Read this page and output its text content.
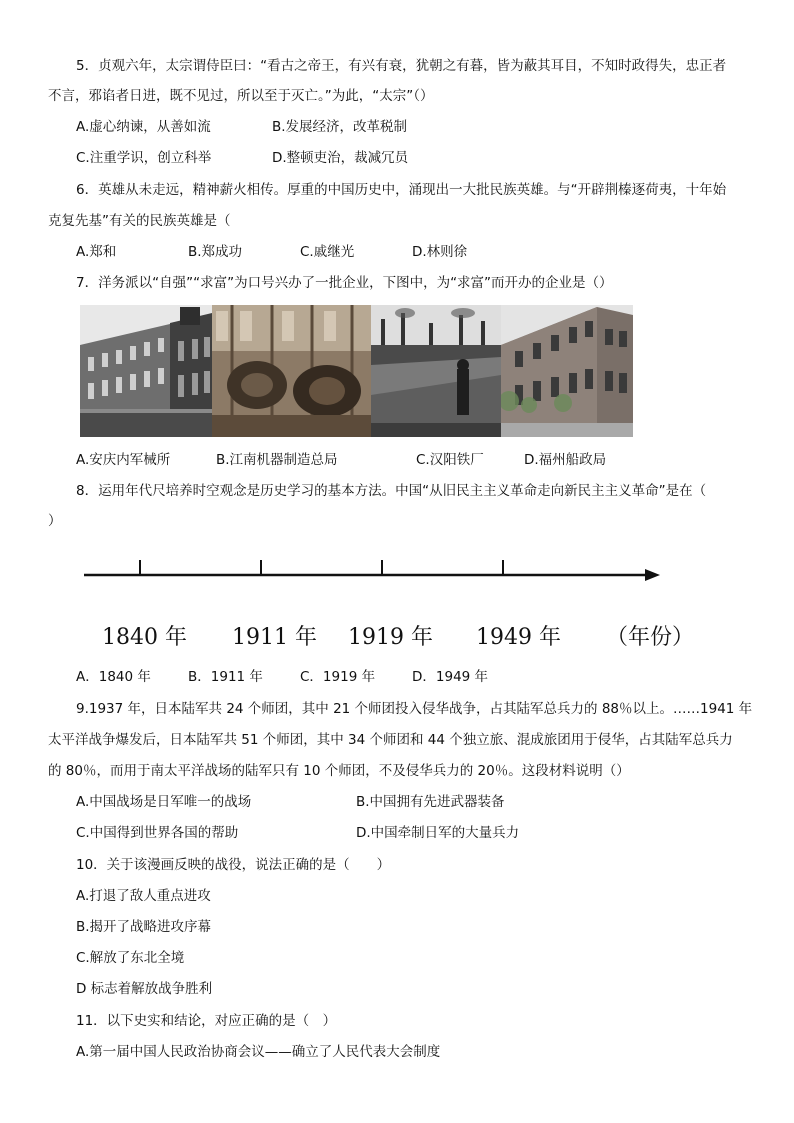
5．贞观六年，太宗谓侍臣曰：“看古之帝王，有兴有衰，犹朝之有暮，皆为蔽其耳目，不知时政得失，忠正者
不言，邪谄者日进，既不见过，所以至于灭亡。”为此，“太宗”（）
A.虚心纳谏，从善如流	B.发展经济，改革税制
C.注重学识，创立科举	D.整顿吏治，裁减冗员
6．英雄从未走远，精神薪火相传。厚重的中国历史中，涌现出一大批民族英雄。与“开辟荆榛逐荷夷，十年始
克复先基”有关的民族英雄是（
A.郑和	B.郑成功	C.戚继光	D.林则徐
7．洋务派以“自强”“求富”为口号兴办了一批企业，下图中，为“求富”而开办的企业是（）
A.安庆内军械所	B.江南机器制造总局	C.汉阳铁厂	D.福州船政局
8．运用年代尺培养时空观念是历史学习的基本方法。中国“从旧民主主义革命走向新民主主义革命”是在（
）
1840 年 1911 年 1919 年 1949 年 （年份）
A．1840 年	B．1911 年	C．1919 年	D．1949 年
9.1937 年，日本陆军共 24 个师团，其中 21 个师团投入侵华战争，占其陆军总兵力的 88％以上。……1941 年
太平洋战争爆发后，日本陆军共 51 个师团，其中 34 个师团和 44 个独立旅、混成旅团用于侵华，占其陆军总兵力
的 80％，而用于南太平洋战场的陆军只有 10 个师团，不及侵华兵力的 20％。这段材料说明（）
A.中国战场是日军唯一的战场	B.中国拥有先进武器装备
C.中国得到世界各国的帮助	D.中国牵制日军的大量兵力
10．关于该漫画反映的战役，说法正确的是（　　）
A.打退了敌人重点进攻
B.揭开了战略进攻序幕
C.解放了东北全境
D 标志着解放战争胜利
11．以下史实和结论，对应正确的是（　）
A.第一届中国人民政治协商会议——确立了人民代表大会制度
